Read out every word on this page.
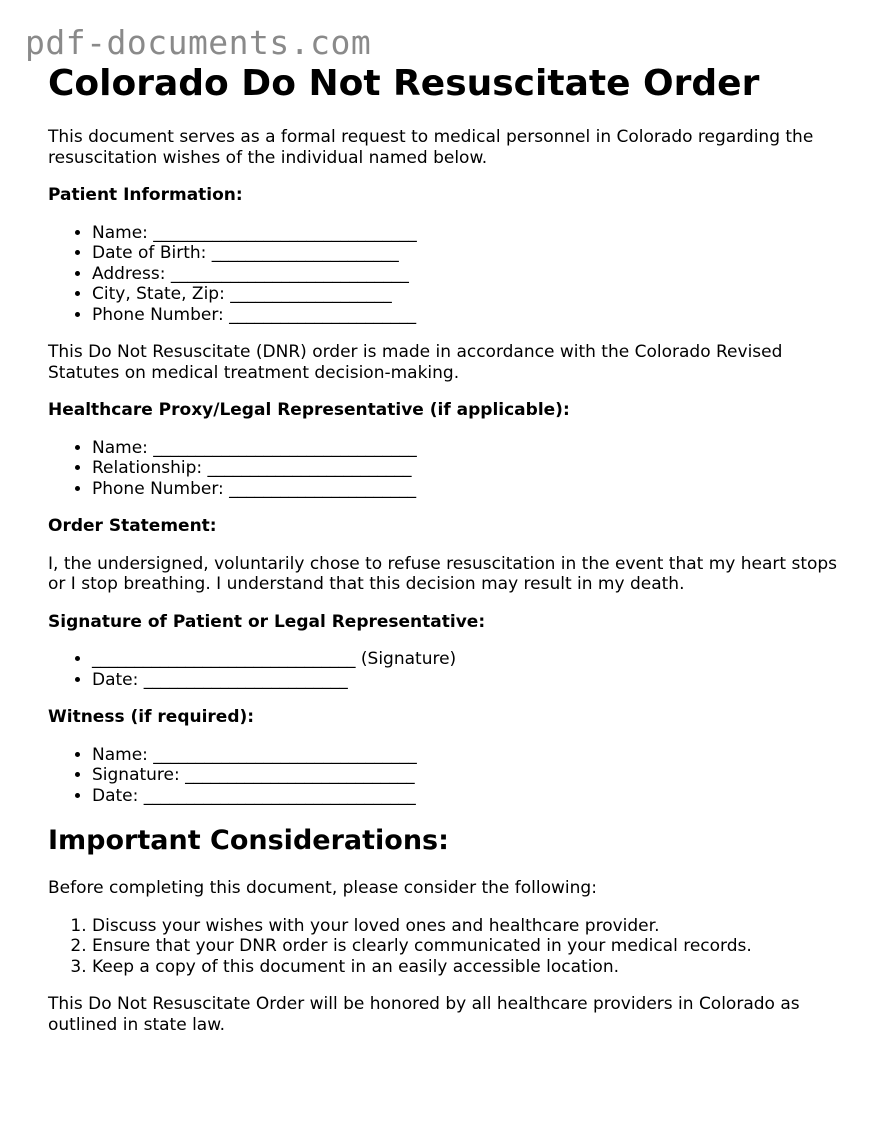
pdf-documents.com
Colorado Do Not Resuscitate Order

This document serves as a formal request to medical personnel in Colorado regarding the resuscitation wishes of the individual named below.

Patient Information:
• Name: _______________________________
• Date of Birth: ______________________
• Address: ____________________________
• City, State, Zip: ___________________
• Phone Number: ______________________

This Do Not Resuscitate (DNR) order is made in accordance with the Colorado Revised Statutes on medical treatment decision-making.

Healthcare Proxy/Legal Representative (if applicable):
• Name: _______________________________
• Relationship: ________________________
• Phone Number: ______________________
Order Statement:

I, the undersigned, voluntarily chose to refuse resuscitation in the event that my heart stops or I stop breathing. I understand that this decision may result in my death.

Signature of Patient or Legal Representative:
• _______________________________ (Signature)
• Date: ________________________
Witness (if required):
• Name: _______________________________
• Signature: ___________________________
• Date: ________________________________
Important Considerations:

Before completing this document, please consider the following:

1. Discuss your wishes with your loved ones and healthcare provider.
2. Ensure that your DNR order is clearly communicated in your medical records.
3. Keep a copy of this document in an easily accessible location.

This Do Not Resuscitate Order will be honored by all healthcare providers in Colorado as outlined in state law.
